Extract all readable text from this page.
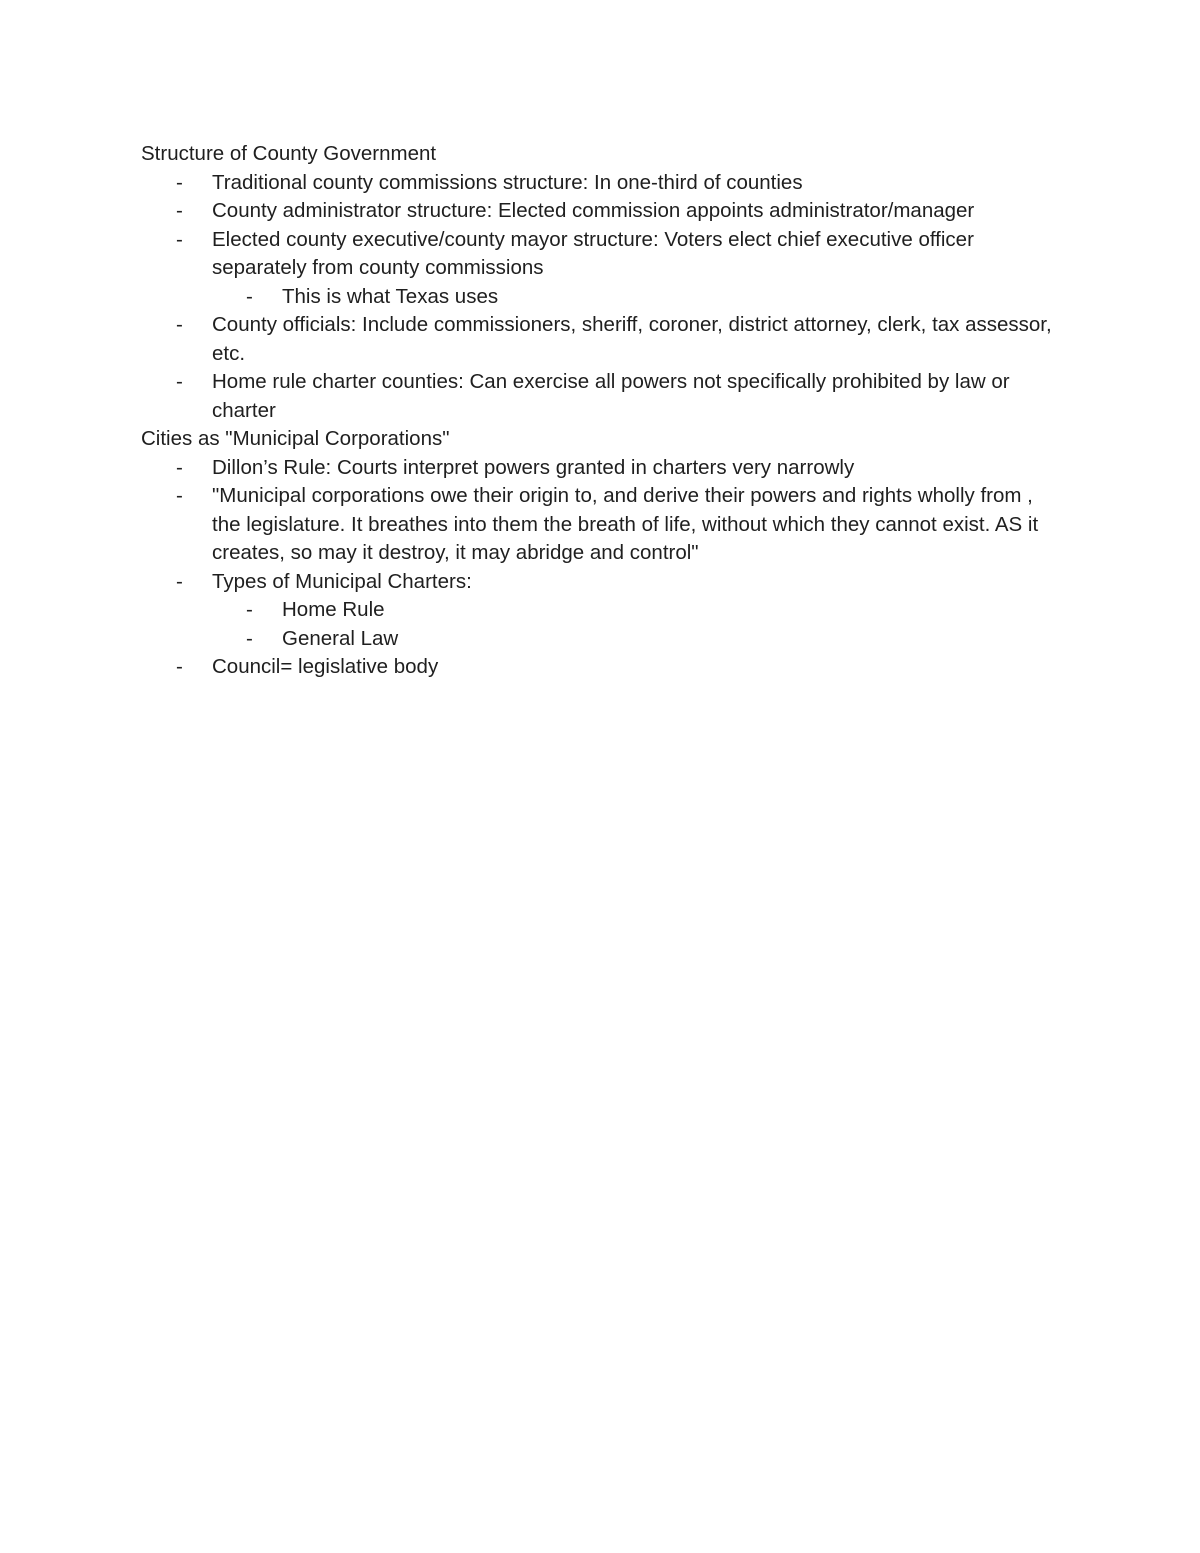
Structure of County Government

- Traditional county commissions structure: In one-third of counties
- County administrator structure: Elected commission appoints administrator/manager
- Elected county executive/county mayor structure: Voters elect chief executive officer separately from county commissions
- This is what Texas uses
- County officials: Include commissioners, sheriff, coroner, district attorney, clerk, tax assessor, etc.
- Home rule charter counties: Can exercise all powers not specifically prohibited by law or charter

Cities as "Municipal Corporations"

- Dillon’s Rule: Courts interpret powers granted in charters very narrowly
- "Municipal corporations owe their origin to, and derive their powers and rights wholly from , the legislature. It breathes into them the breath of life, without which they cannot exist. AS it creates, so may it destroy, it may abridge and control"
- Types of Municipal Charters:
- Home Rule
- General Law
- Council= legislative body
